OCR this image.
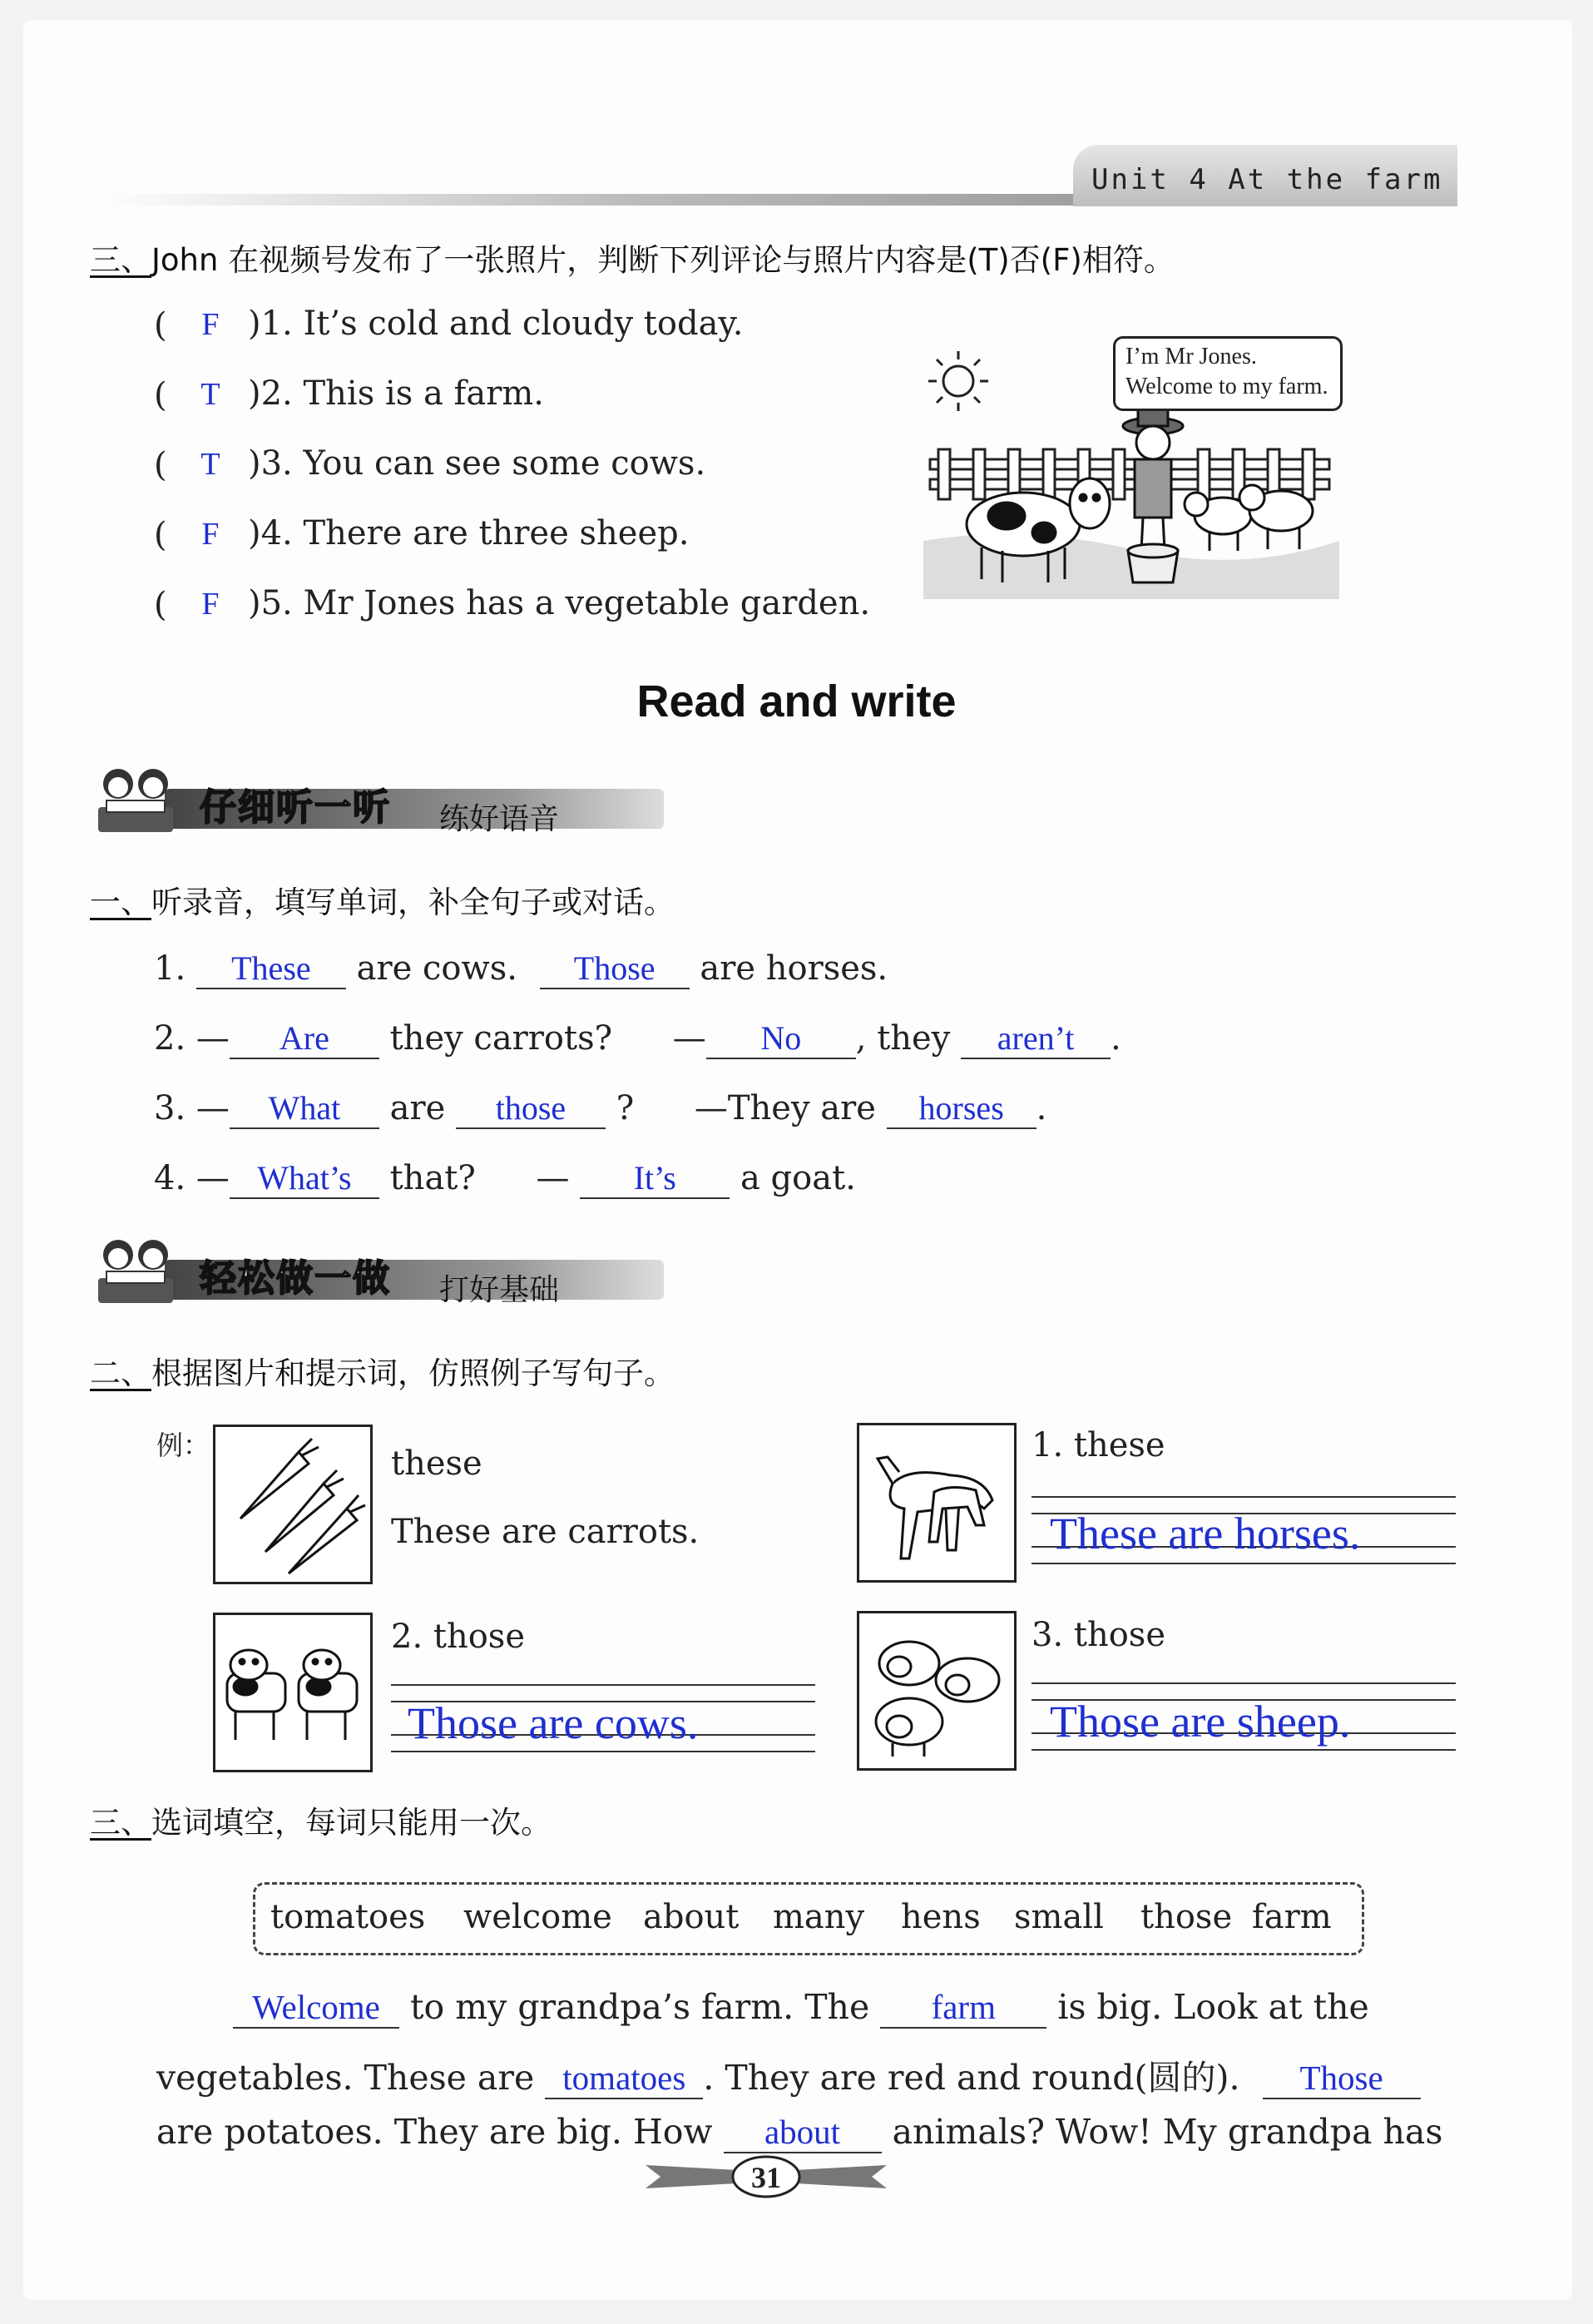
Unit 4 At the farm
三、John 在视频号发布了一张照片，判断下列评论与照片内容是(T)否(F)相符。
(	F )1. It’s cold and cloudy today.
(	T )2. This is a farm.
(	T )3. You can see some cows.
(	F )4. There are three sheep.
(	F )5. Mr Jones has a vegetable garden.
I’m Mr Jones.
Welcome to my farm.
Read and write
仔细听一听 练好语音
一、听录音，填写单词，补全句子或对话。
1. These are cows. Those are horses.
2. — Are they carrots? — No , they aren’t .
3. — What are those ? —They are horses .
4. — What’s that? — It’s a goat.
轻松做一做 打好基础
二、根据图片和提示词，仿照例子写句子。
例：	these
These are carrots.
1. these
These are horses.
2. those
Those are cows.
3. those
Those are sheep.
三、选词填空，每词只能用一次。
tomatoes welcome about many hens small those farm
Welcome to my grandpa’s farm. The farm is big. Look at the
vegetables. These are tomatoes . They are red and round(圆的). Those
are potatoes. They are big. How about animals? Wow! My grandpa has
31
